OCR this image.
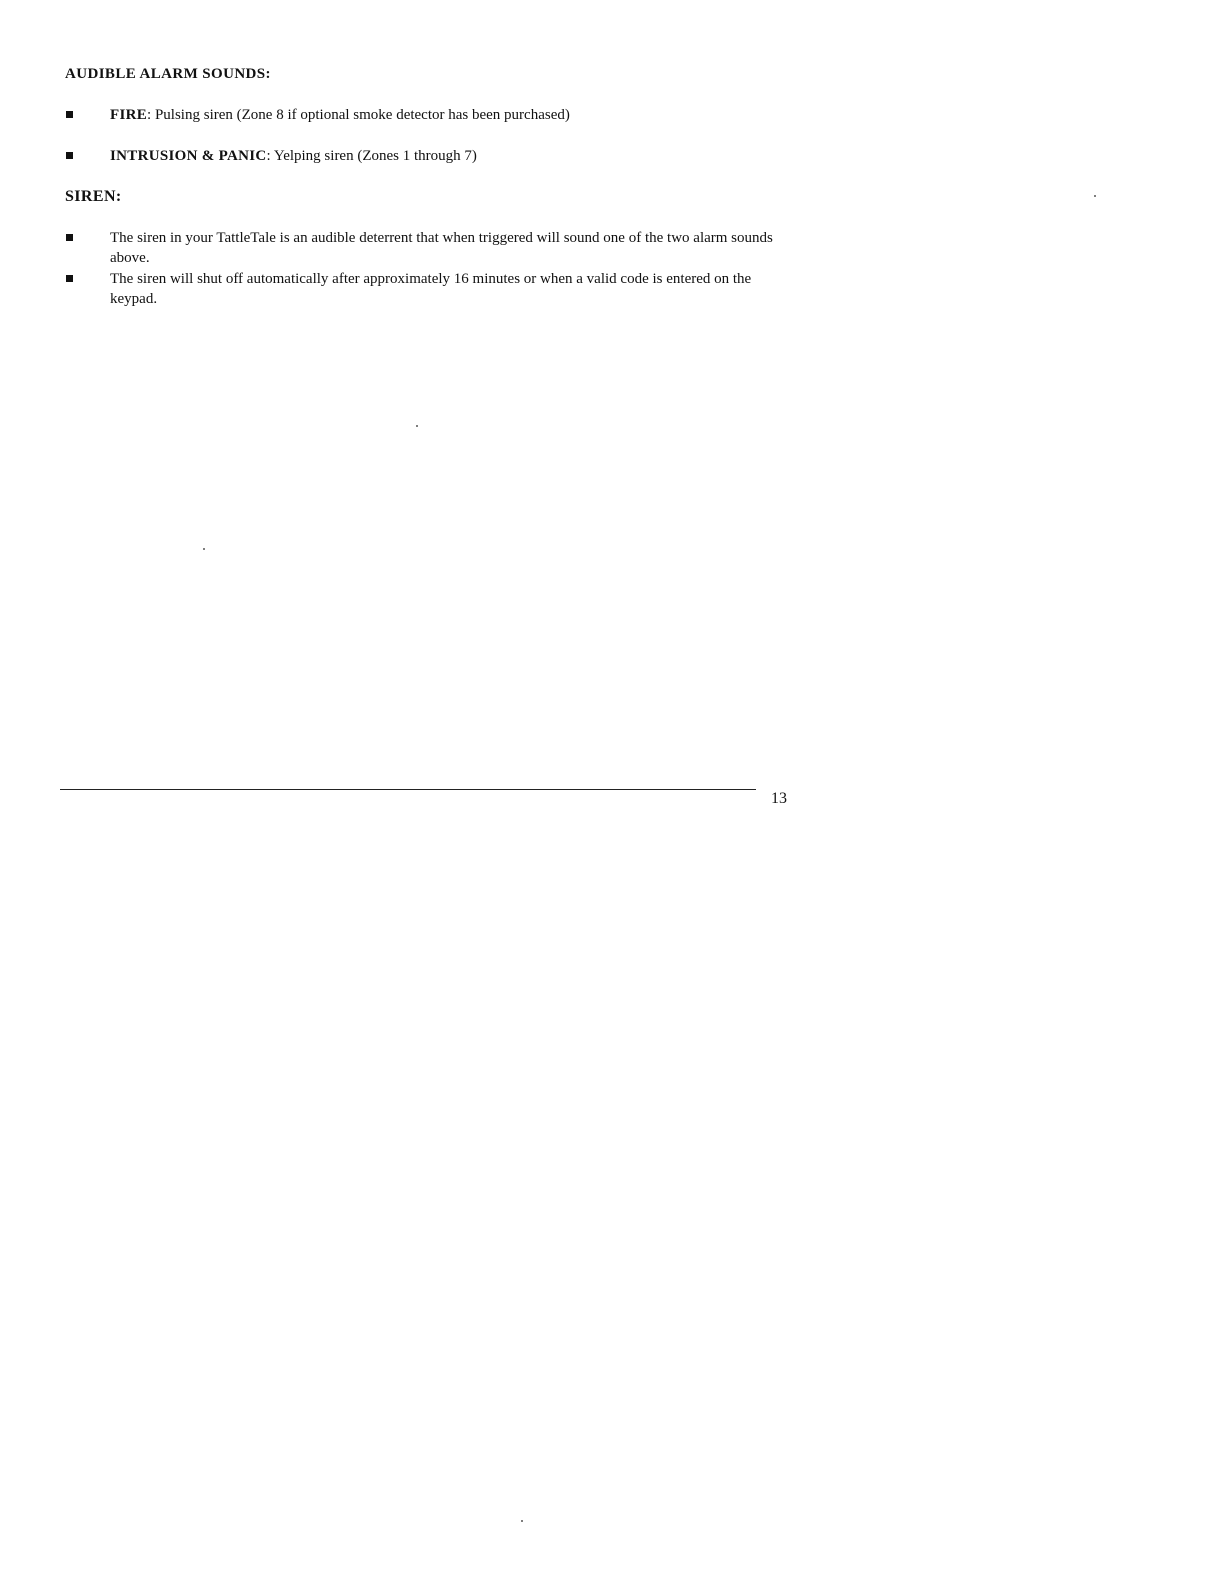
AUDIBLE ALARM SOUNDS:
FIRE: Pulsing siren (Zone 8 if optional smoke detector has been purchased)
INTRUSION & PANIC: Yelping siren (Zones 1 through 7)
SIREN:
The siren in your TattleTale is an audible deterrent that when triggered will sound one of the two alarm sounds above.
The siren will shut off automatically after approximately 16 minutes or when a valid code is entered on the keypad.
13
